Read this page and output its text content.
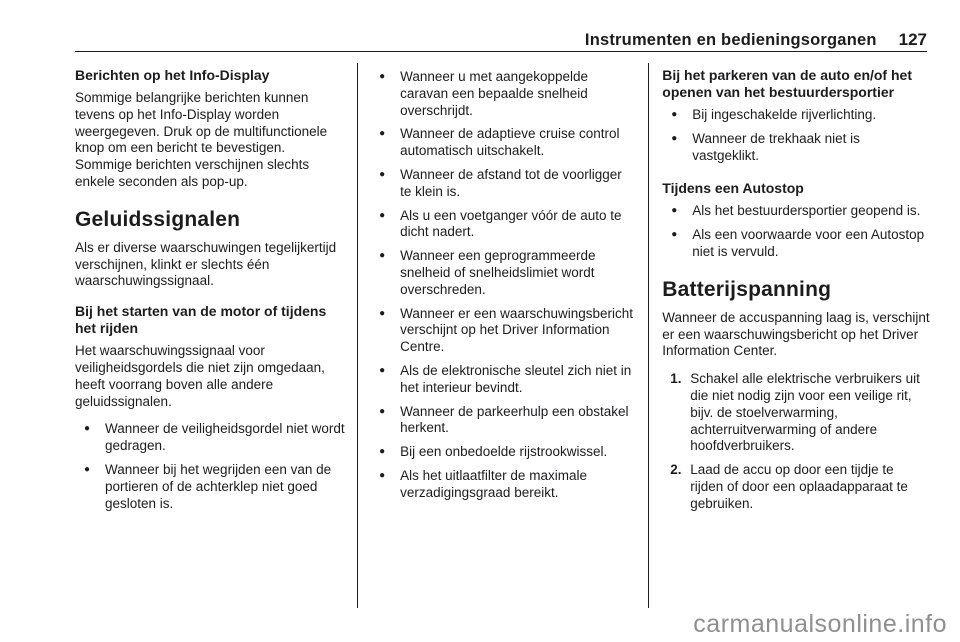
Instrumenten en bedieningsorganen 127
Berichten op het Info-Display

Sommige belangrijke berichten kunnen tevens op het Info-Display worden weergegeven. Druk op de multifunctionele knop om een bericht te bevestigen. Sommige berichten verschijnen slechts enkele seconden als pop-up.

Geluidssignalen

Als er diverse waarschuwingen tegelijkertijd verschijnen, klinkt er slechts één waarschuwingssignaal.

Bij het starten van de motor of tijdens het rijden

Het waarschuwingssignaal voor veiligheidsgordels die niet zijn omgedaan, heeft voorrang boven alle andere geluidssignalen.

●	Wanneer de veiligheidsgordel niet wordt gedragen.
●	Wanneer bij het wegrijden een van de portieren of de achterklep niet goed gesloten is.
●	Wanneer u met aangekoppelde caravan een bepaalde snelheid overschrijdt.
●	Wanneer de adaptieve cruise control automatisch uitschakelt.
●	Wanneer de afstand tot de voorligger te klein is.
●	Als u een voetganger vóór de auto te dicht nadert.
●	Wanneer een geprogrammeerde snelheid of snelheidslimiet wordt overschreden.
●	Wanneer er een waarschuwingsbericht verschijnt op het Driver Information Centre.
●	Als de elektronische sleutel zich niet in het interieur bevindt.
●	Wanneer de parkeerhulp een obstakel herkent.
●	Bij een onbedoelde rijstrookwissel.
●	Als het uitlaatfilter de maximale verzadigingsgraad bereikt.
Bij het parkeren van de auto en/of het openen van het bestuurdersportier
●	Bij ingeschakelde rijverlichting.
●	Wanneer de trekhaak niet is vastgeklikt.
Tijdens een Autostop
●	Als het bestuurdersportier geopend is.
●	Als een voorwaarde voor een Autostop niet is vervuld.
Batterijspanning

Wanneer de accuspanning laag is, verschijnt er een waarschuwingsbericht op het Driver Information Center.

1. Schakel alle elektrische verbruikers uit die niet nodig zijn voor een veilige rit, bijv. de stoelverwarming, achterruitverwarming of andere hoofdverbruikers.
2. Laad de accu op door een tijdje te rijden of door een oplaadapparaat te gebruiken.
carmanualsonline.info
